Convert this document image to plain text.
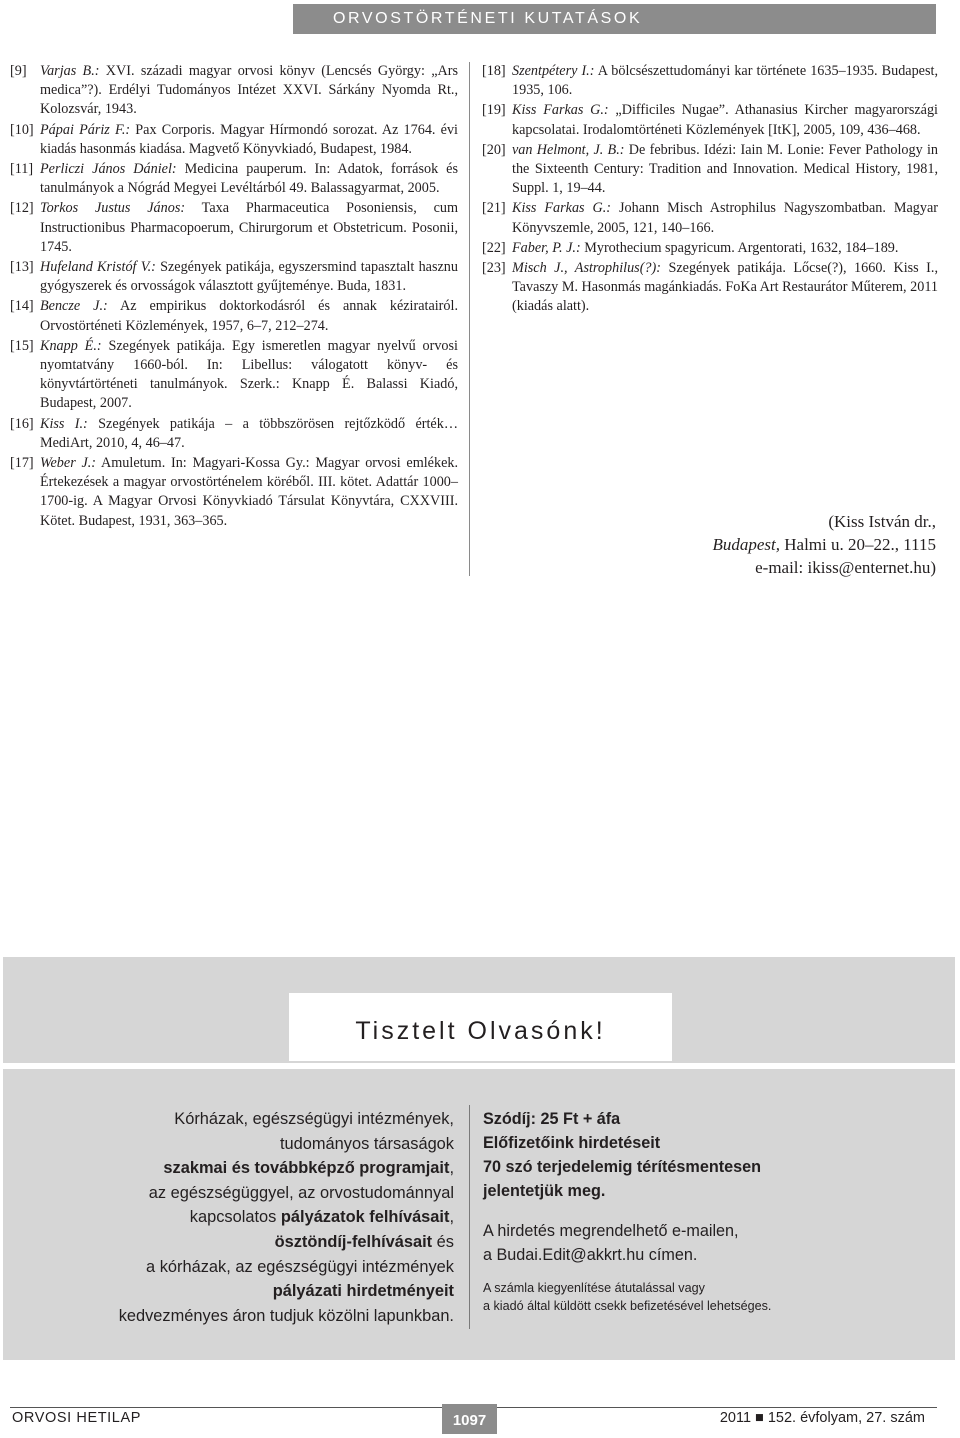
ORVOSTÖRTÉNETI KUTATÁSOK
[9] Varjas B.: XVI. századi magyar orvosi könyv (Lencsés György: „Ars medica”?). Erdélyi Tudományos Intézet XXVI. Sárkány Nyomda Rt., Kolozsvár, 1943.
[10] Pápai Páriz F.: Pax Corporis. Magyar Hírmondó sorozat. Az 1764. évi kiadás hasonmás kiadása. Magvető Könyvkiadó, Budapest, 1984.
[11] Perliczi János Dániel: Medicina pauperum. In: Adatok, források és tanulmányok a Nógrád Megyei Levéltárból 49. Balassagyarmat, 2005.
[12] Torkos Justus János: Taxa Pharmaceutica Posoniensis, cum Instructionibus Pharmacopoerum, Chirurgorum et Obstetricum. Posonii, 1745.
[13] Hufeland Kristóf V.: Szegények patikája, egyszersmind tapasztalt hasznu gyógyszerek és orvosságok választott gyűjteménye. Buda, 1831.
[14] Bencze J.: Az empirikus doktorkodásról és annak kéziratairól. Orvostörténeti Közlemények, 1957, 6–7, 212–274.
[15] Knapp É.: Szegények patikája. Egy ismeretlen magyar nyelvű orvosi nyomtatvány 1660-ból. In: Libellus: válogatott könyv- és könyvtártörténeti tanulmányok. Szerk.: Knapp É. Balassi Kiadó, Budapest, 2007.
[16] Kiss I.: Szegények patikája – a többszörösen rejtőzködő érték… MediArt, 2010, 4, 46–47.
[17] Weber J.: Amuletum. In: Magyari-Kossa Gy.: Magyar orvosi emlékek. Értekezések a magyar orvostörténelem köréből. III. kötet. Adattár 1000–1700-ig. A Magyar Orvosi Könyvkiadó Társulat Könyvtára, CXXVIII. Kötet. Budapest, 1931, 363–365.
[18] Szentpétery I.: A bölcsészettudományi kar története 1635–1935. Budapest, 1935, 106.
[19] Kiss Farkas G.: „Difficiles Nugae”. Athanasius Kircher magyarországi kapcsolatai. Irodalomtörténeti Közlemények [ItK], 2005, 109, 436–468.
[20] van Helmont, J. B.: De febribus. Idézi: Iain M. Lonie: Fever Pathology in the Sixteenth Century: Tradition and Innovation. Medical History, 1981, Suppl. 1, 19–44.
[21] Kiss Farkas G.: Johann Misch Astrophilus Nagyszombatban. Magyar Könyvszemle, 2005, 121, 140–166.
[22] Faber, P. J.: Myrothecium spagyricum. Argentorati, 1632, 184–189.
[23] Misch J., Astrophilus(?): Szegények patikája. Lőcse(?), 1660. Kiss I., Tavaszy M. Hasonmás magánkiadás. FoKa Art Restaurátor Műterem, 2011 (kiadás alatt).
(Kiss István dr.,
Budapest, Halmi u. 20–22., 1115
e-mail: ikiss@enternet.hu)
Tisztelt Olvasónk!
Kórházak, egészségügyi intézmények,
tudományos társaságok
szakmai és továbbképző programjait,
az egészségüggyel, az orvostudománnyal
kapcsolatos pályázatok felhívásait,
ösztöndíj-felhívásait és
a kórházak, az egészségügyi intézmények
pályázati hirdetményeit
kedvezményes áron tudjuk közölni lapunkban.
Szódíj: 25 Ft + áfa
Előfizetőink hirdetéseit
70 szó terjedelemig térítésmentesen
jelentetjük meg.
A hirdetés megrendelhető e-mailen,
a Budai.Edit@akkrt.hu címen.
A számla kiegyenlítése átutalással vagy
a kiadó által küldött csekk befizetésével lehetséges.
ORVOSI HETILAP	1097	2011 ■ 152. évfolyam, 27. szám
